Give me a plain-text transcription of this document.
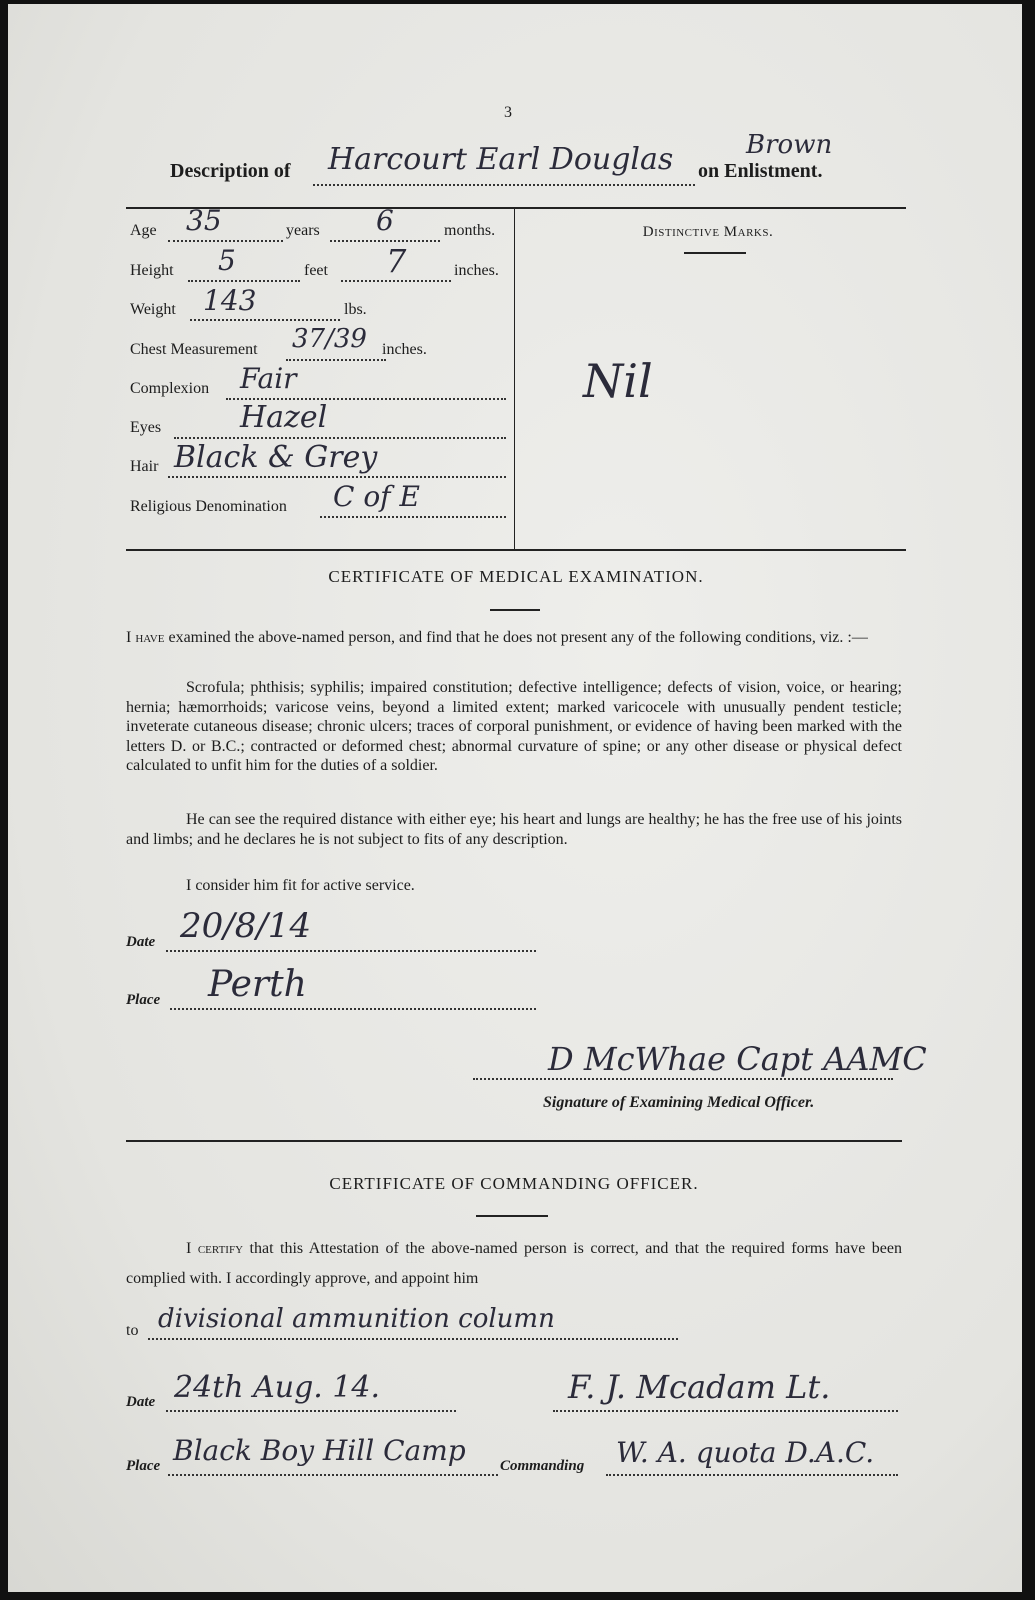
3
Description of Harcourt Earl Douglas	Brown
on Enlistment.
Age 35	years 6	months.
Height 5	feet 7	inches.
Weight 143	lbs.
Chest Measurement 37/39 inches.
Complexion Fair
Eyes	Hazel
Hair Black & Grey
Religious Denomination C of E
Distinctive Marks.
Nil
CERTIFICATE OF MEDICAL EXAMINATION.
I have examined the above-named person, and find that he does not present any of the following conditions, viz. :—
Scrofula; phthisis; syphilis; impaired constitution; defective intelligence; defects of vision, voice, or hearing; hernia; hæmorrhoids; varicose veins, beyond a limited extent; marked varicocele with unusually pendent testicle; inveterate cutaneous disease; chronic ulcers; traces of corporal punishment, or evidence of having been marked with the letters D. or B.C.; contracted or deformed chest; abnormal curvature of spine; or any other disease or physical defect calculated to unfit him for the duties of a soldier.
He can see the required distance with either eye; his heart and lungs are healthy; he has the free use of his joints and limbs; and he declares he is not subject to fits of any description.
I consider him fit for active service.
Date 20/8/14
Place Perth
D McWhae Capt AAMC
Signature of Examining Medical Officer.
CERTIFICATE OF COMMANDING OFFICER.
I certify that this Attestation of the above-named person is correct, and that the required forms have been complied with. I accordingly approve, and appoint him
to divisional ammunition column
Date 24th Aug. 14.	F. J. Mcadam Lt.
Place Black Boy Hill Camp Commanding W. A. quota D.A.C.
